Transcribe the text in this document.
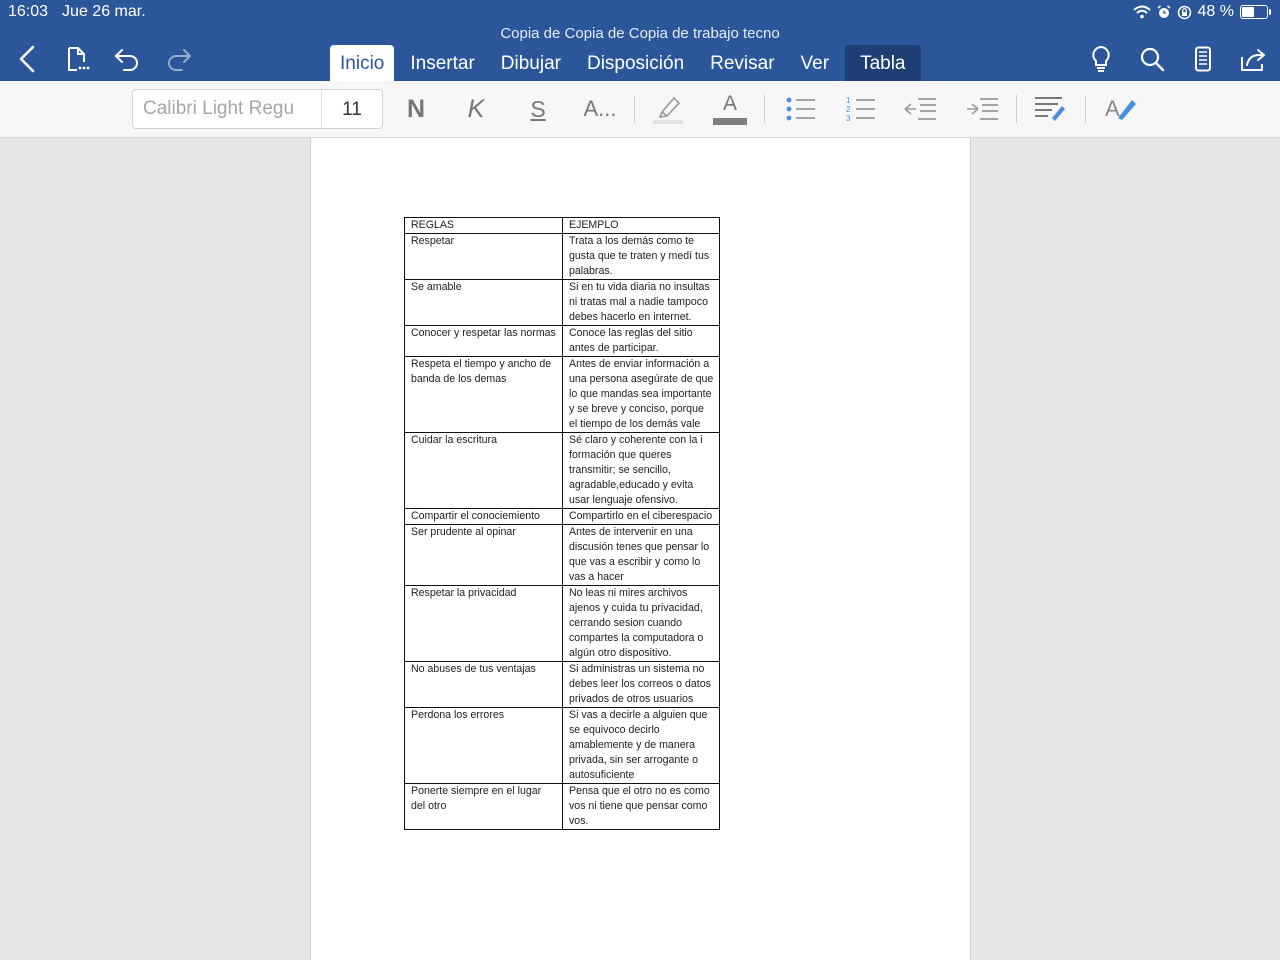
16:03 Jue 26 mar.	48 %
Copia de Copia de Copia de trabajo tecno
Inicio	Insertar	Dibujar	Disposición	Revisar	Ver	Tabla
Calibri Light Regu	11	N	K	S	A...	A	1
2
3	A
REGLAS	EJEMPLO
Respetar	Trata a los demás como te gusta que te traten y medí tus palabras.
Se amable	Si en tu vida diaria no insultas ni tratas mal a nadie tampoco debes hacerlo en internet.
Conocer y respetar las normas	Conoce las reglas del sitio antes de participar.
Respeta el tiempo y ancho de banda de los demas	Antes de enviar información a una persona asegúrate de que lo que mandas sea importante y se breve y conciso, porque el tiempo de los demás vale
Cuidar la escritura	Sé claro y coherente con la i formación que queres transmitir; se sencillo, agradable,educado y evita usar lenguaje ofensivo.
Compartir el conociemiento	Compartirlo en el ciberespacio
Ser prudente al opinar	Antes de intervenir en una discusión tenes que pensar lo que vas a escribir y como lo vas a hacer
Respetar la privacidad	No leas ni mires archivos ajenos y cuida tu privacidad, cerrando sesion cuando compartes la computadora o algún otro dispositivo.
No abuses de tus ventajas	Si administras un sistema no debes leer los correos o datos privados de otros usuarios
Perdona los errores	Si vas a decirle a alguien que se equivoco decirlo amablemente y de manera privada, sin ser arrogante o autosuficiente
Ponerte siempre en el lugar del otro	Pensa que el otro no es como vos ni tiene que pensar como vos.
